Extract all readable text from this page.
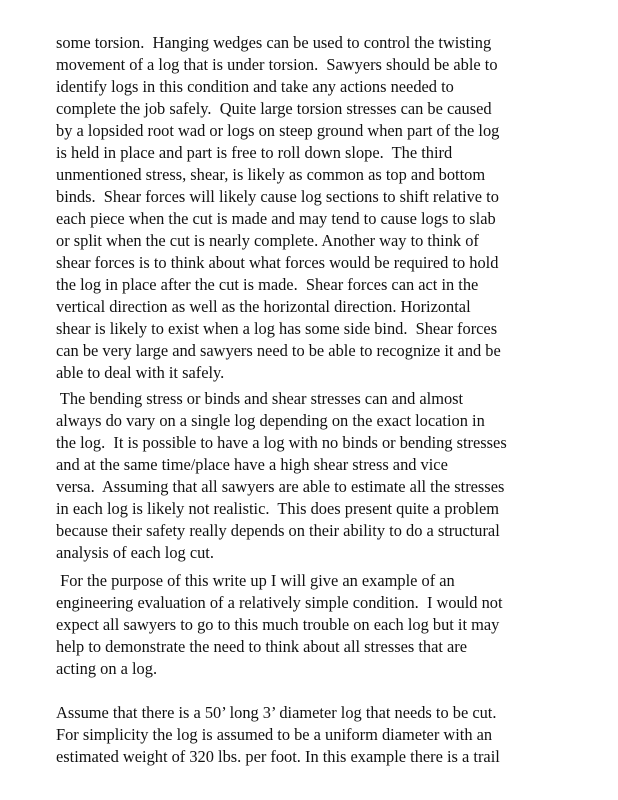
some torsion.  Hanging wedges can be used to control the twisting

movement of a log that is under torsion.  Sawyers should be able to

identify logs in this condition and take any actions needed to

complete the job safely.  Quite large torsion stresses can be caused

by a lopsided root wad or logs on steep ground when part of the log

is held in place and part is free to roll down slope.  The third

unmentioned stress, shear, is likely as common as top and bottom

binds.  Shear forces will likely cause log sections to shift relative to

each piece when the cut is made and may tend to cause logs to slab

or split when the cut is nearly complete. Another way to think of

shear forces is to think about what forces would be required to hold

the log in place after the cut is made.  Shear forces can act in the

vertical direction as well as the horizontal direction. Horizontal

shear is likely to exist when a log has some side bind.  Shear forces

can be very large and sawyers need to be able to recognize it and be

able to deal with it safely.

The bending stress or binds and shear stresses can and almost

always do vary on a single log depending on the exact location in

the log.  It is possible to have a log with no binds or bending stresses

and at the same time/place have a high shear stress and vice

versa.  Assuming that all sawyers are able to estimate all the stresses

in each log is likely not realistic.  This does present quite a problem

because their safety really depends on their ability to do a structural

analysis of each log cut.

For the purpose of this write up I will give an example of an

engineering evaluation of a relatively simple condition.  I would not

expect all sawyers to go to this much trouble on each log but it may

help to demonstrate the need to think about all stresses that are

acting on a log.

Assume that there is a 50’ long 3’ diameter log that needs to be cut.

For simplicity the log is assumed to be a uniform diameter with an

estimated weight of 320 lbs. per foot. In this example there is a trail
